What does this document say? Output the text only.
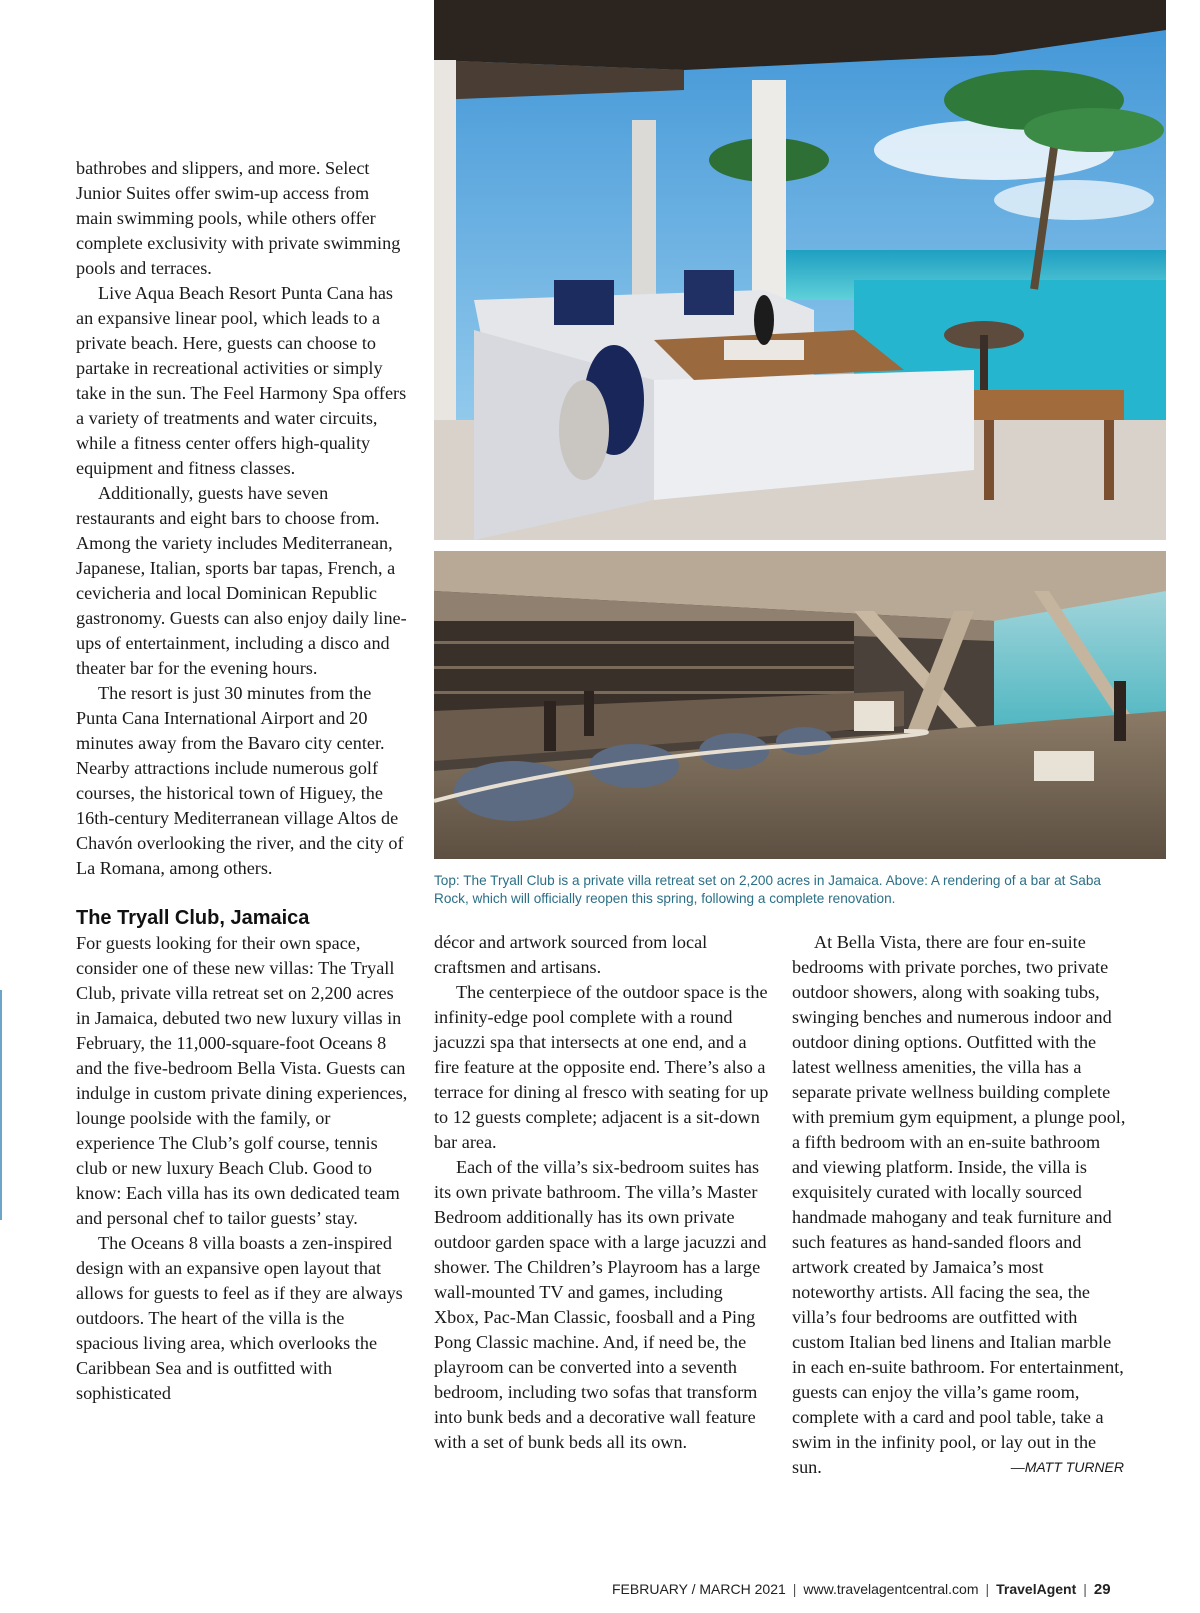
bathrobes and slippers, and more. Select Junior Suites offer swim-up access from main swimming pools, while others offer complete exclusivity with private swimming pools and terraces.

Live Aqua Beach Resort Punta Cana has an expansive linear pool, which leads to a private beach. Here, guests can choose to partake in recreational activities or simply take in the sun. The Feel Harmony Spa offers a variety of treatments and water circuits, while a fitness center offers high-quality equipment and fitness classes.

Additionally, guests have seven restaurants and eight bars to choose from. Among the variety includes Mediterranean, Japanese, Italian, sports bar tapas, French, a cevicheria and local Dominican Republic gastronomy. Guests can also enjoy daily line-ups of entertainment, including a disco and theater bar for the evening hours.

The resort is just 30 minutes from the Punta Cana International Airport and 20 minutes away from the Bavaro city center. Nearby attractions include numerous golf courses, the historical town of Higuey, the 16th-century Mediterranean village Altos de Chavón overlooking the river, and the city of La Romana, among others.

The Tryall Club, Jamaica

For guests looking for their own space, consider one of these new villas: The Tryall Club, private villa retreat set on 2,200 acres in Jamaica, debuted two new luxury villas in February, the 11,000-square-foot Oceans 8 and the five-bedroom Bella Vista. Guests can indulge in custom private dining experiences, lounge poolside with the family, or experience The Club’s golf course, tennis club or new luxury Beach Club. Good to know: Each villa has its own dedicated team and personal chef to tailor guests’ stay.

The Oceans 8 villa boasts a zen-inspired design with an expansive open layout that allows for guests to feel as if they are always outdoors. The heart of the villa is the spacious living area, which overlooks the Caribbean Sea and is outfitted with sophisticated

Top: The Tryall Club is a private villa retreat set on 2,200 acres in Jamaica. Above: A rendering of a bar at Saba Rock, which will officially reopen this spring, following a complete renovation.

décor and artwork sourced from local craftsmen and artisans.

The centerpiece of the outdoor space is the infinity-edge pool complete with a round jacuzzi spa that intersects at one end, and a fire feature at the opposite end. There’s also a terrace for dining al fresco with seating for up to 12 guests complete; adjacent is a sit-down bar area.

Each of the villa’s six-bedroom suites has its own private bathroom. The villa’s Master Bedroom additionally has its own private outdoor garden space with a large jacuzzi and shower. The Children’s Playroom has a large wall-mounted TV and games, including Xbox, Pac-Man Classic, foosball and a Ping Pong Classic machine. And, if need be, the playroom can be converted into a seventh bedroom, including two sofas that transform into bunk beds and a decorative wall feature with a set of bunk beds all its own.

At Bella Vista, there are four en-suite bedrooms with private porches, two private outdoor showers, along with soaking tubs, swinging benches and numerous indoor and outdoor dining options. Outfitted with the latest wellness amenities, the villa has a separate private wellness building complete with premium gym equipment, a plunge pool, a fifth bedroom with an en-suite bathroom and viewing platform. Inside, the villa is exquisitely curated with locally sourced handmade mahogany and teak furniture and such features as hand-sanded floors and artwork created by Jamaica’s most noteworthy artists. All facing the sea, the villa’s four bedrooms are outfitted with custom Italian bed linens and Italian marble in each en-suite bathroom. For entertainment, guests can enjoy the villa’s game room, complete with a card and pool table, take a swim in the infinity pool, or lay out in the sun.	—MATT TURNER

FEBRUARY / MARCH 2021 | www.travelagentcentral.com | TravelAgent | 29
